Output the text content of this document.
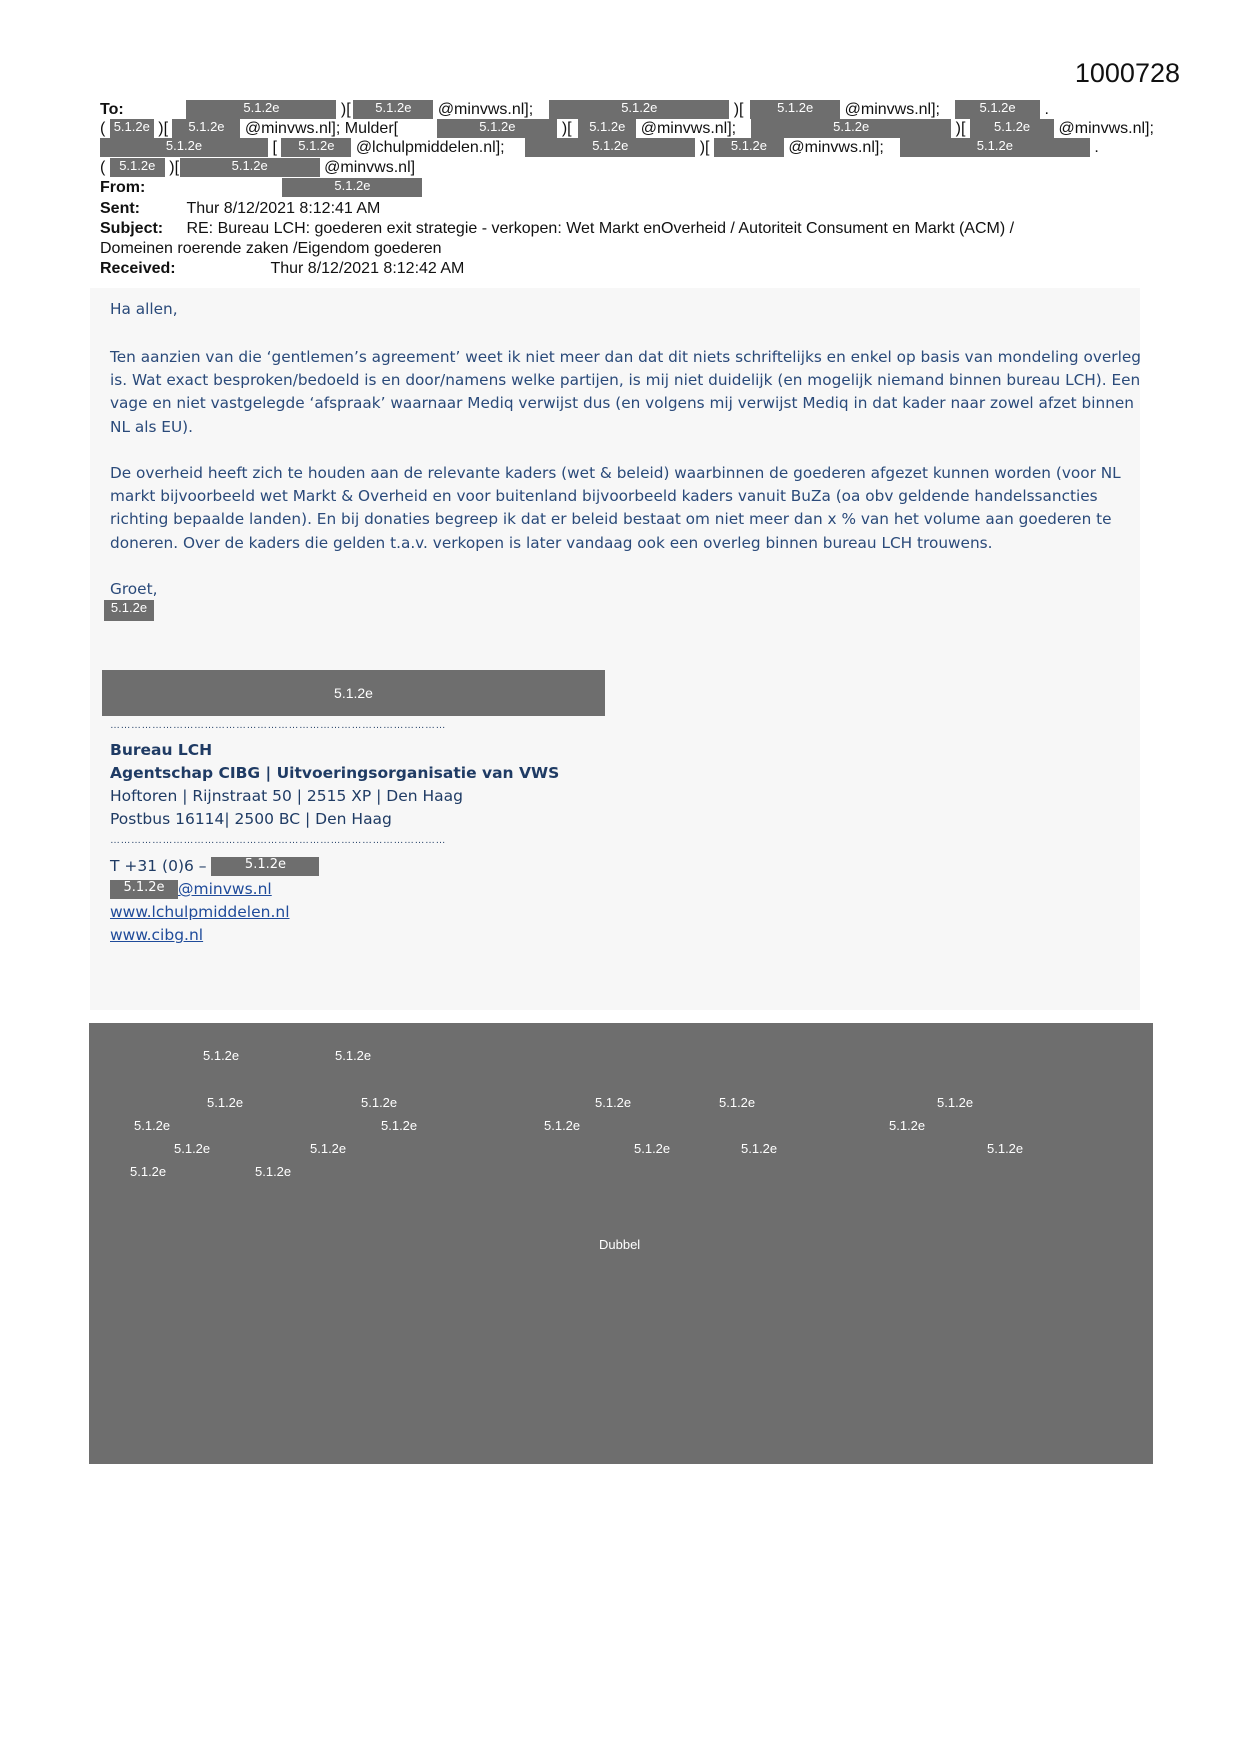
1000728
To:	5.1.2e	)[ 5.1.2e @minvws.nl];	5.1.2e	)[	5.1.2e @minvws.nl];	5.1.2e .
( 5.1.2e )[ 5.1.2e @minvws.nl]; Mulder[	5.1.2e	)[ 5.1.2e @minvws.nl];	5.1.2e	)[ 5.1.2e @minvws.nl];
5.1.2e	[ 5.1.2e @lchulpmiddelen.nl];	5.1.2e	)[ 5.1.2e @minvws.nl];	5.1.2e	.
( 5.1.2e )[	5.1.2e	@minvws.nl]
From:	5.1.2e
Sent:	Thur 8/12/2021 8:12:41 AM
Subject: RE: Bureau LCH: goederen exit strategie - verkopen: Wet Markt enOverheid / Autoriteit Consument en Markt (ACM) /
Domeinen roerende zaken /Eigendom goederen
Received:	Thur 8/12/2021 8:12:42 AM
Ha allen,
Ten aanzien van die ‘gentlemen’s agreement’ weet ik niet meer dan dat dit niets schriftelijks en enkel op basis van mondeling overleg is. Wat exact besproken/bedoeld is en door/namens welke partijen, is mij niet duidelijk (en mogelijk niemand binnen bureau LCH). Een vage en niet vastgelegde ‘afspraak’ waarnaar Mediq verwijst dus (en volgens mij verwijst Mediq in dat kader naar zowel afzet binnen NL als EU).
De overheid heeft zich te houden aan de relevante kaders (wet & beleid) waarbinnen de goederen afgezet kunnen worden (voor NL markt bijvoorbeeld wet Markt & Overheid en voor buitenland bijvoorbeeld kaders vanuit BuZa (oa obv geldende handelssancties richting bepaalde landen). En bij donaties begreep ik dat er beleid bestaat om niet meer dan x % van het volume aan goederen te doneren. Over de kaders die gelden t.a.v. verkopen is later vandaag ook een overleg binnen bureau LCH trouwens.
Groet,
5.1.2e
5.1.2e
……………………………………………………………………………………
Bureau LCH
Agentschap CIBG | Uitvoeringsorganisatie van VWS
Hoftoren | Rijnstraat 50 | 2515 XP | Den Haag
Postbus 16114| 2500 BC | Den Haag
……………………………………………………………………………………
T +31 (0)6 –	5.1.2e
5.1.2e @minvws.nl
www.lchulpmiddelen.nl
www.cibg.nl
5.1.2e	5.1.2e
5.1.2e	5.1.2e	5.1.2e	5.1.2e	5.1.2e
5.1.2e	5.1.2e	5.1.2e	5.1.2e
5.1.2e	5.1.2e	5.1.2e	5.1.2e	5.1.2e
5.1.2e	5.1.2e
Dubbel
